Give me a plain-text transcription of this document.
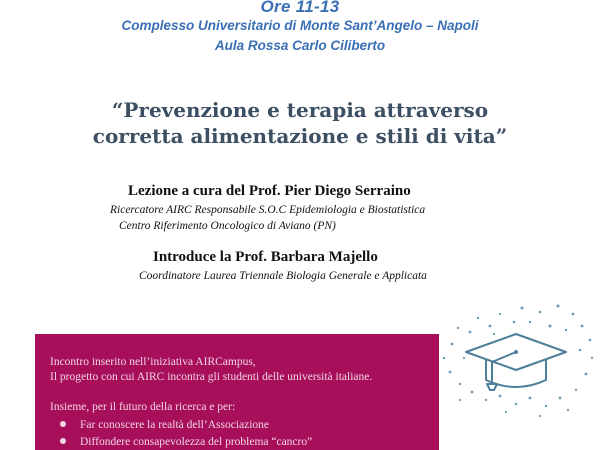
Ore 11-13
Complesso Universitario di Monte Sant’Angelo – Napoli
Aula Rossa Carlo Ciliberto
“Prevenzione e terapia attraverso
corretta alimentazione e stili di vita”
Lezione a cura del Prof. Pier Diego Serraino
Ricercatore AIRC Responsabile S.O.C Epidemiologia e Biostatistica
Centro Riferimento Oncologico di Aviano (PN)
Introduce la Prof. Barbara Majello
Coordinatore Laurea Triennale Biologia Generale e Applicata
Incontro inserito nell’iniziativa AIRCampus,
Il progetto con cui AIRC incontra gli studenti delle università italiane.
Insieme, per il futuro della ricerca e per:
Far conoscere la realtà dell’Associazione
Diffondere consapevolezza del problema “cancro”
